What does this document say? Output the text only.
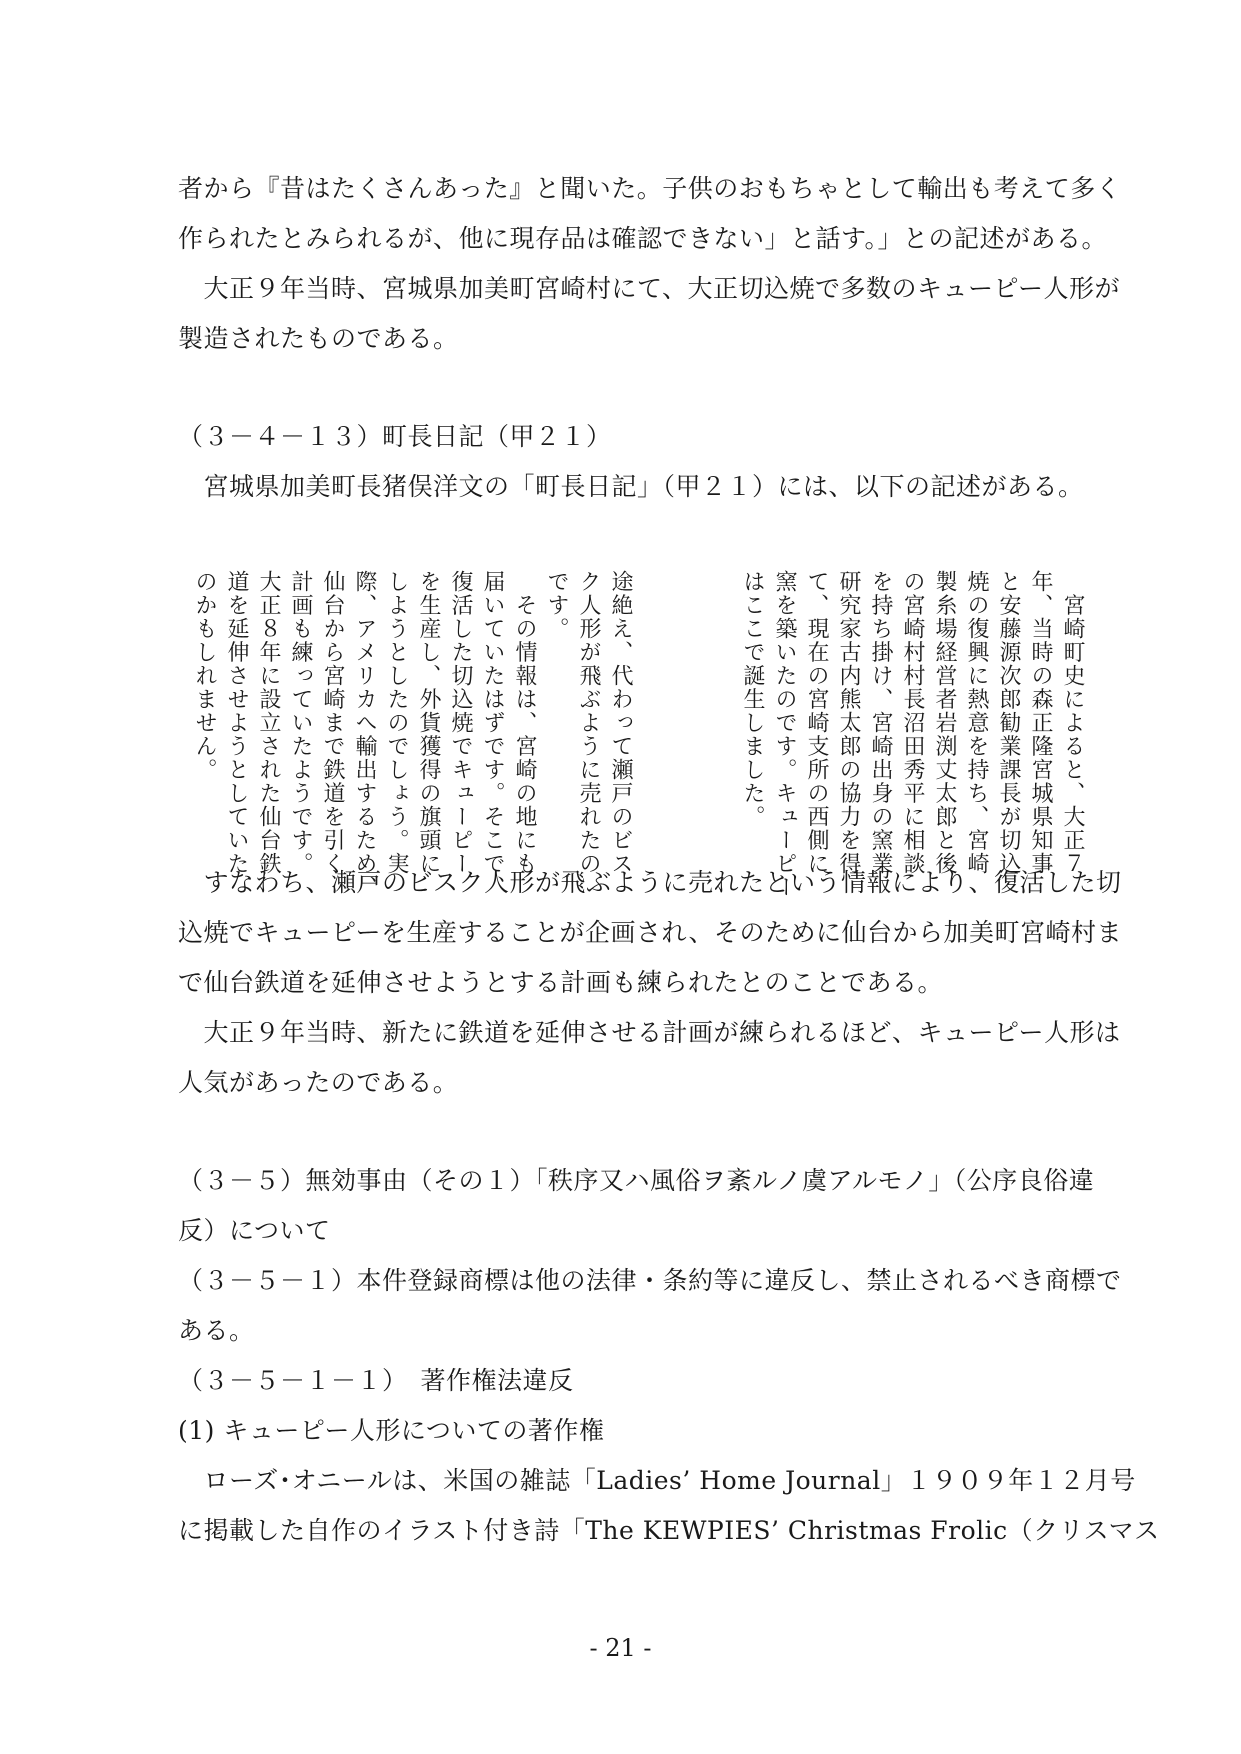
者から『昔はたくさんあった』と聞いた。子供のおもちゃとして輸出も考えて多く
作られたとみられるが、他に現存品は確認できない」と話す。」との記述がある。
　大正９年当時、宮城県加美町宮崎村にて、大正切込焼で多数のキューピー人形が
製造されたものである。
（３－４－１３）町長日記（甲２１）
　宮城県加美町長猪俣洋文の「町長日記」（甲２１）には、以下の記述がある。
　宮崎町史によると、大正７
年、当時の森正隆宮城県知事
と安藤源次郎勧業課長が切込
焼の復興に熱意を持ち、宮崎
製糸場経営者岩渕丈太郎と後
の宮崎村村長沼田秀平に相談
を持ち掛け、宮崎出身の窯業
研究家古内熊太郎の協力を得
て、現在の宮崎支所の西側に
窯を築いたのです。キューピー
はここで誕生しました。
途絶え、代わって瀬戸のビス
ク人形が飛ぶように売れたの
です。
　その情報は、宮崎の地にも
届いていたはずです。そこで、
復活した切込焼でキューピー
を生産し、外貨獲得の旗頭に
しようとしたのでしょう。実
際、アメリカへ輸出するため、
仙台から宮崎まで鉄道を引く
計画も練っていたようです。
大正８年に設立された仙台鉄
道を延伸させようとしていた
のかもしれません。
　すなわち、瀬戸のビスク人形が飛ぶように売れたという情報により、復活した切
込焼でキューピーを生産することが企画され、そのために仙台から加美町宮崎村ま
で仙台鉄道を延伸させようとする計画も練られたとのことである。
　大正９年当時、新たに鉄道を延伸させる計画が練られるほど、キューピー人形は
人気があったのである。
（３－５）無効事由（その１）「秩序又ハ風俗ヲ紊ルノ虞アルモノ」（公序良俗違
反）について
（３－５－１）本件登録商標は他の法律・条約等に違反し、禁止されるべき商標で
ある。
（３－５－１－１）　著作権法違反
(1) キューピー人形についての著作権
　ローズ･オニールは、米国の雑誌「Ladies’ Home Journal」１９０９年１２月号
に掲載した自作のイラスト付き詩「The KEWPIES’ Christmas Frolic（クリスマス
- 21 -
